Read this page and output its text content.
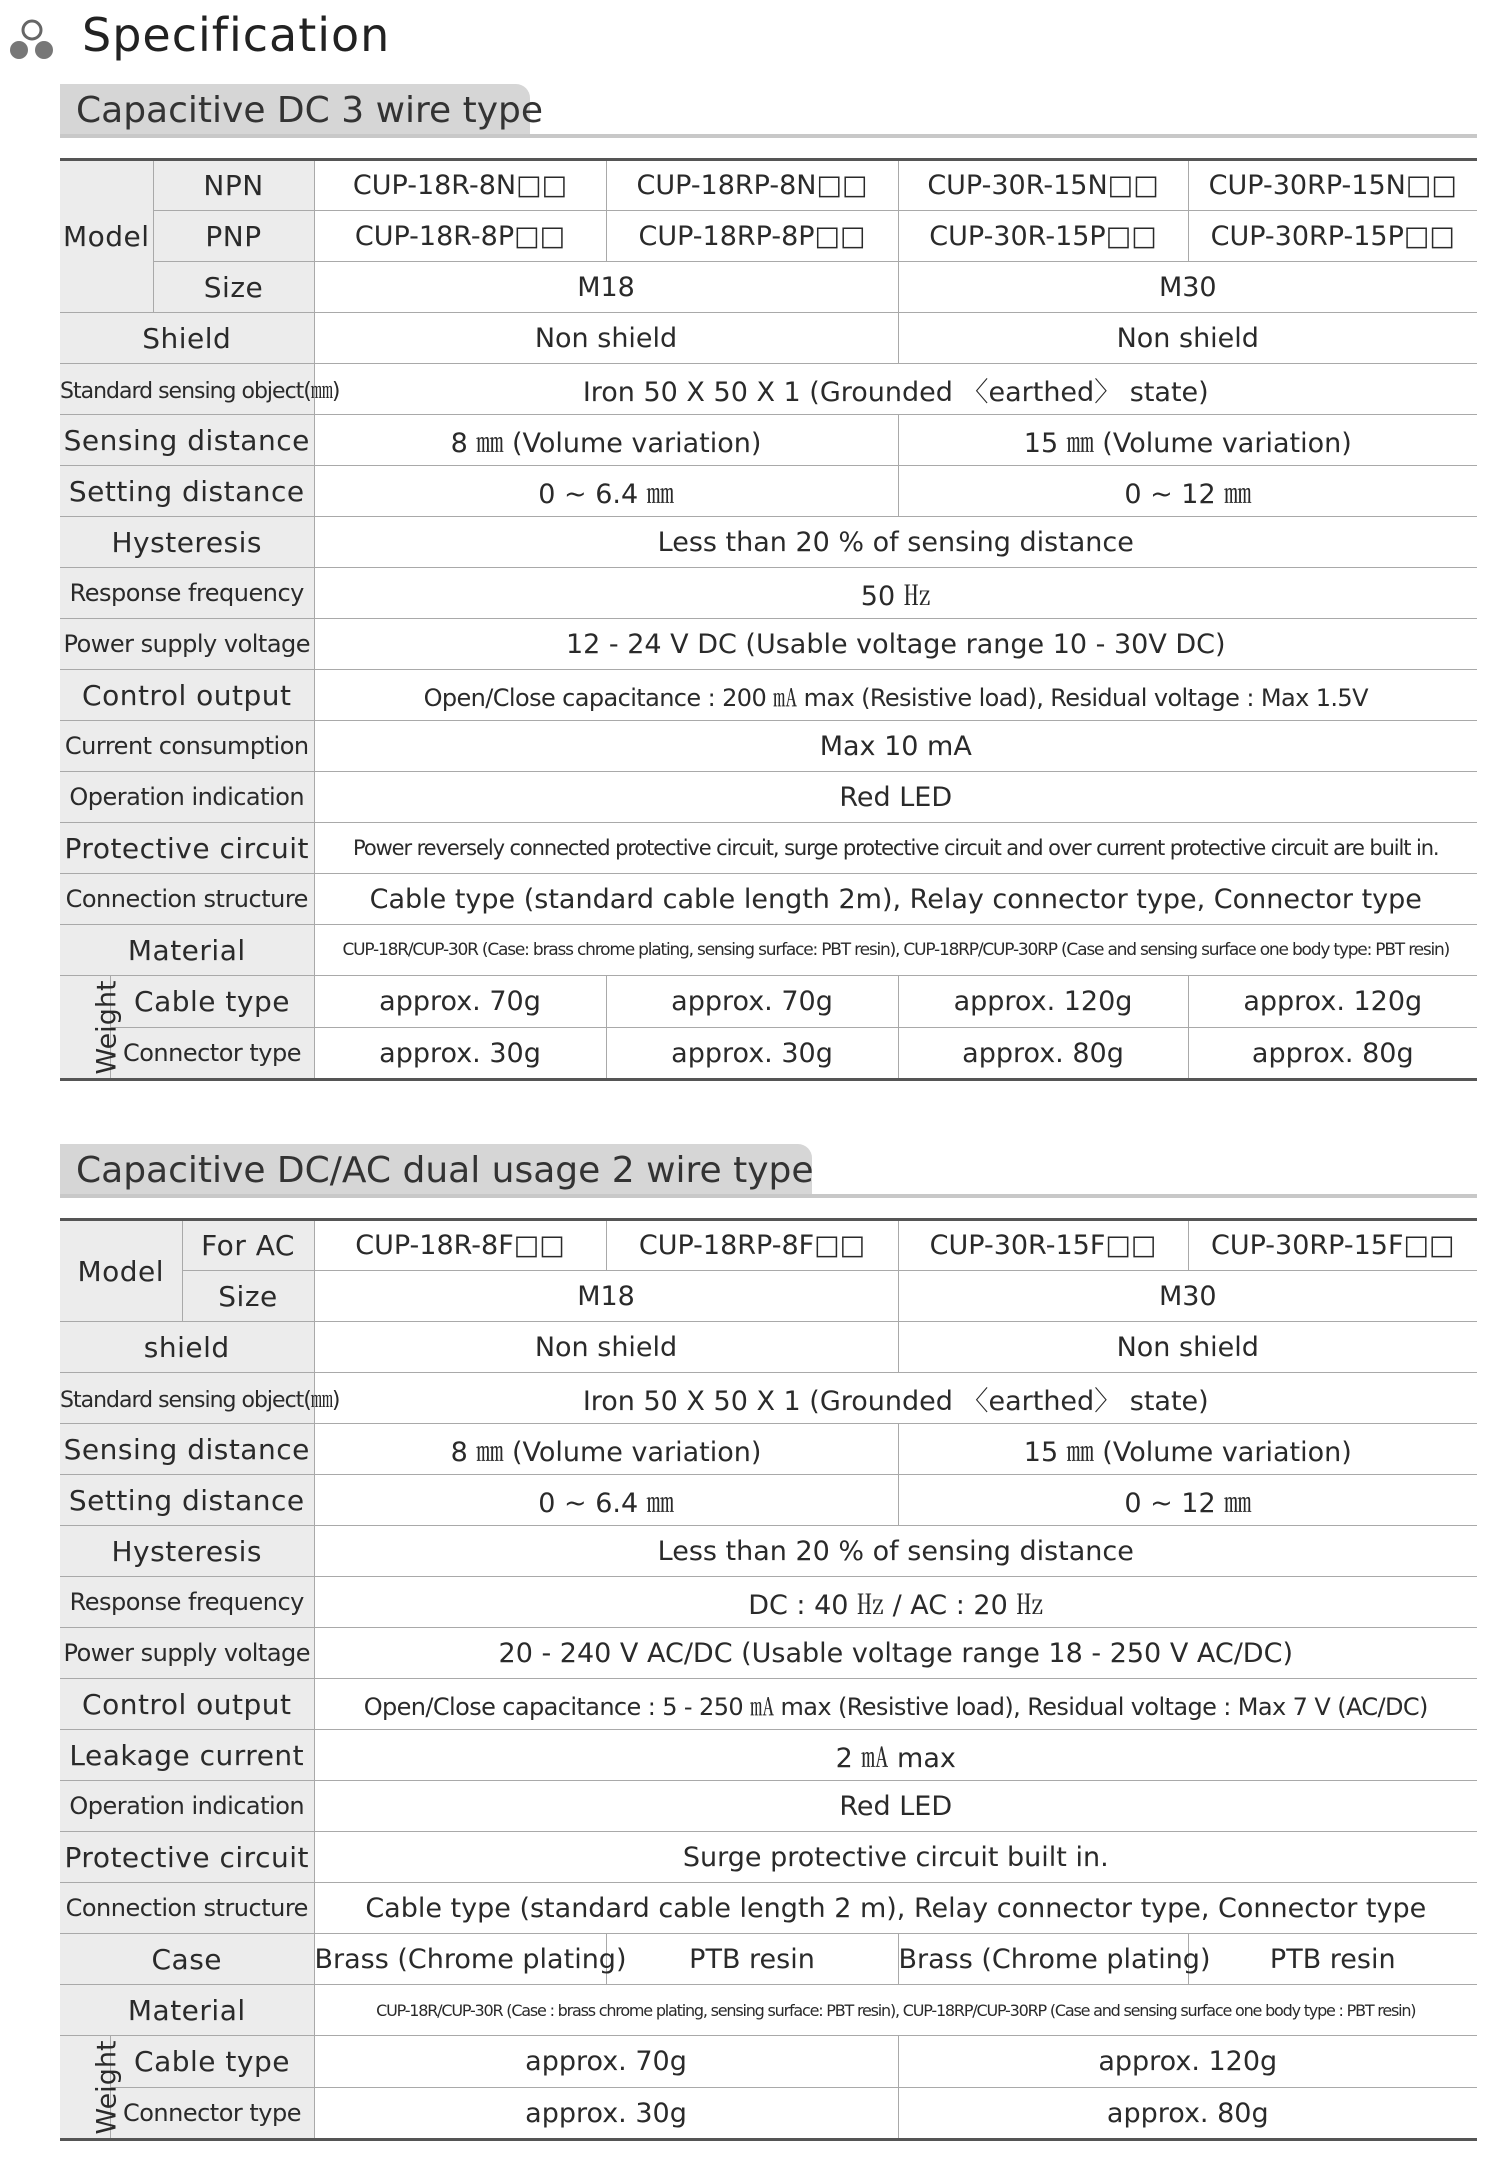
Specification
Capacitive DC 3 wire type
Model		NPN	CUP-18R-8N□□	CUP-18RP-8N□□	CUP-30R-15N□□	CUP-30RP-15N□□
		PNP	CUP-18R-8P□□	CUP-18RP-8P□□	CUP-30R-15P□□	CUP-30RP-15P□□
		Size	M18		M30	
Shield			Non shield		Non shield	
Standard sensing object(㎜)			Iron 50 X 50 X 1 (Grounded 〈earthed〉 state)			
Sensing distance			8 ㎜ (Volume variation)		15 ㎜ (Volume variation)	
Setting distance			0 ~ 6.4 ㎜		0 ~ 12 ㎜	
Hysteresis			Less than 20 % of sensing distance			
Response frequency			50 ㎐			
Power supply voltage			12 - 24 V DC (Usable voltage range 10 - 30V DC)			
Control output			Open/Close capacitance : 200 ㎃ max (Resistive load), Residual voltage : Max 1.5V			
Current consumption			Max 10 mA			
Operation indication			Red LED			
Protective circuit			Power reversely connected protective circuit, surge protective circuit and over current protective circuit are built in.			
Connection structure			Cable type (standard cable length 2m), Relay connector type, Connector type			
Material			CUP-18R/CUP-30R (Case: brass chrome plating, sensing surface: PBT resin), CUP-18RP/CUP-30RP (Case and sensing surface one body type: PBT resin)			
Weight	Cable type		approx. 70g	approx. 70g	approx. 120g	approx. 120g
	Connector type		approx. 30g	approx. 30g	approx. 80g	approx. 80g
Capacitive DC/AC dual usage 2 wire type
Model		For AC	CUP-18R-8F□□	CUP-18RP-8F□□	CUP-30R-15F□□	CUP-30RP-15F□□
		Size	M18		M30	
shield			Non shield		Non shield	
Standard sensing object(㎜)			Iron 50 X 50 X 1 (Grounded 〈earthed〉 state)			
Sensing distance			8 ㎜ (Volume variation)		15 ㎜ (Volume variation)	
Setting distance			0 ~ 6.4 ㎜		0 ~ 12 ㎜	
Hysteresis			Less than 20 % of sensing distance			
Response frequency			DC : 40 ㎐ / AC : 20 ㎐			
Power supply voltage			20 - 240 V AC/DC (Usable voltage range 18 - 250 V AC/DC)			
Control output			Open/Close capacitance : 5 - 250 ㎃ max (Resistive load), Residual voltage : Max 7 V (AC/DC)			
Leakage current			2 ㎃ max			
Operation indication			Red LED			
Protective circuit			Surge protective circuit built in.			
Connection structure			Cable type (standard cable length 2 m), Relay connector type, Connector type			
Case			Brass (Chrome plating)	PTB resin	Brass (Chrome plating)	PTB resin
Material			CUP-18R/CUP-30R (Case : brass chrome plating, sensing surface: PBT resin), CUP-18RP/CUP-30RP (Case and sensing surface one body type : PBT resin)			
Weight	Cable type		approx. 70g		approx. 120g	
	Connector type		approx. 30g		approx. 80g	
